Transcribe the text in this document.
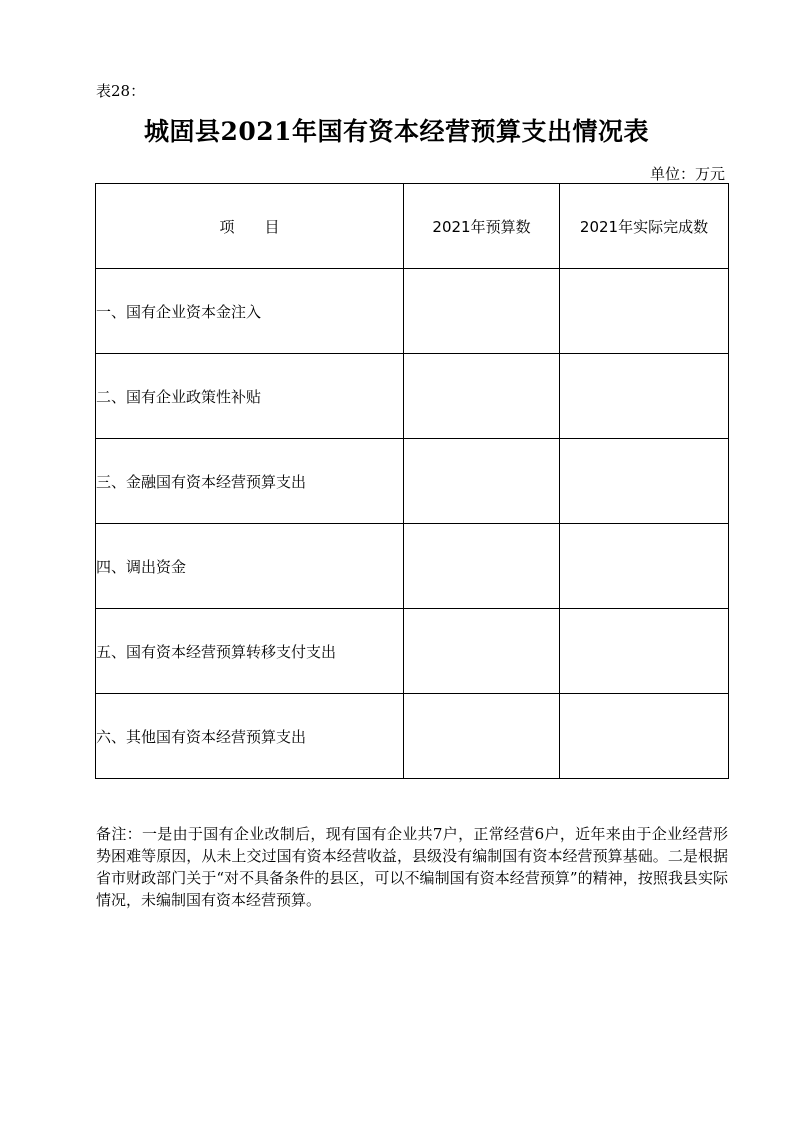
表28：
城固县2021年国有资本经营预算支出情况表
单位：万元
项　　目	2021年预算数	2021年实际完成数
一、国有企业资本金注入		
二、国有企业政策性补贴		
三、金融国有资本经营预算支出		
四、调出资金		
五、国有资本经营预算转移支付支出		
六、其他国有资本经营预算支出		
备注：一是由于国有企业改制后，现有国有企业共7户，正常经营6户，近年来由于企业经营形势困难等原因，从未上交过国有资本经营收益，县级没有编制国有资本经营预算基础。二是根据省市财政部门关于“对不具备条件的县区，可以不编制国有资本经营预算”的精神，按照我县实际情况，未编制国有资本经营预算。
